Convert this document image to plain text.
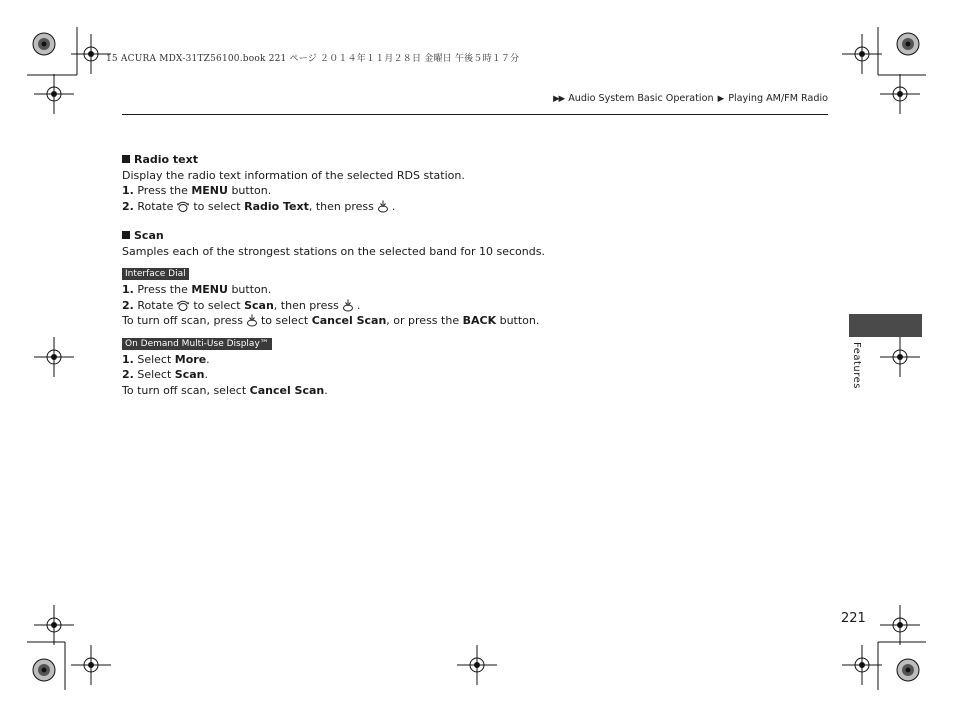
15 ACURA MDX-31TZ56100.book 221 ページ ２０１４年１１月２８日 金曜日 午後５時１７分
▶▶ Audio System Basic Operation ▶ Playing AM/FM Radio

Radio text

Display the radio text information of the selected RDS station.

1. Press the MENU button.

2. Rotate to select Radio Text, then press .

Scan

Samples each of the strongest stations on the selected band for 10 seconds.

Interface Dial

1. Press the MENU button.

2. Rotate to select Scan, then press .

To turn off scan, press to select Cancel Scan, or press the BACK button.

On Demand Multi-Use Display™

1. Select More.

2. Select Scan.

To turn off scan, select Cancel Scan.

Features
221
